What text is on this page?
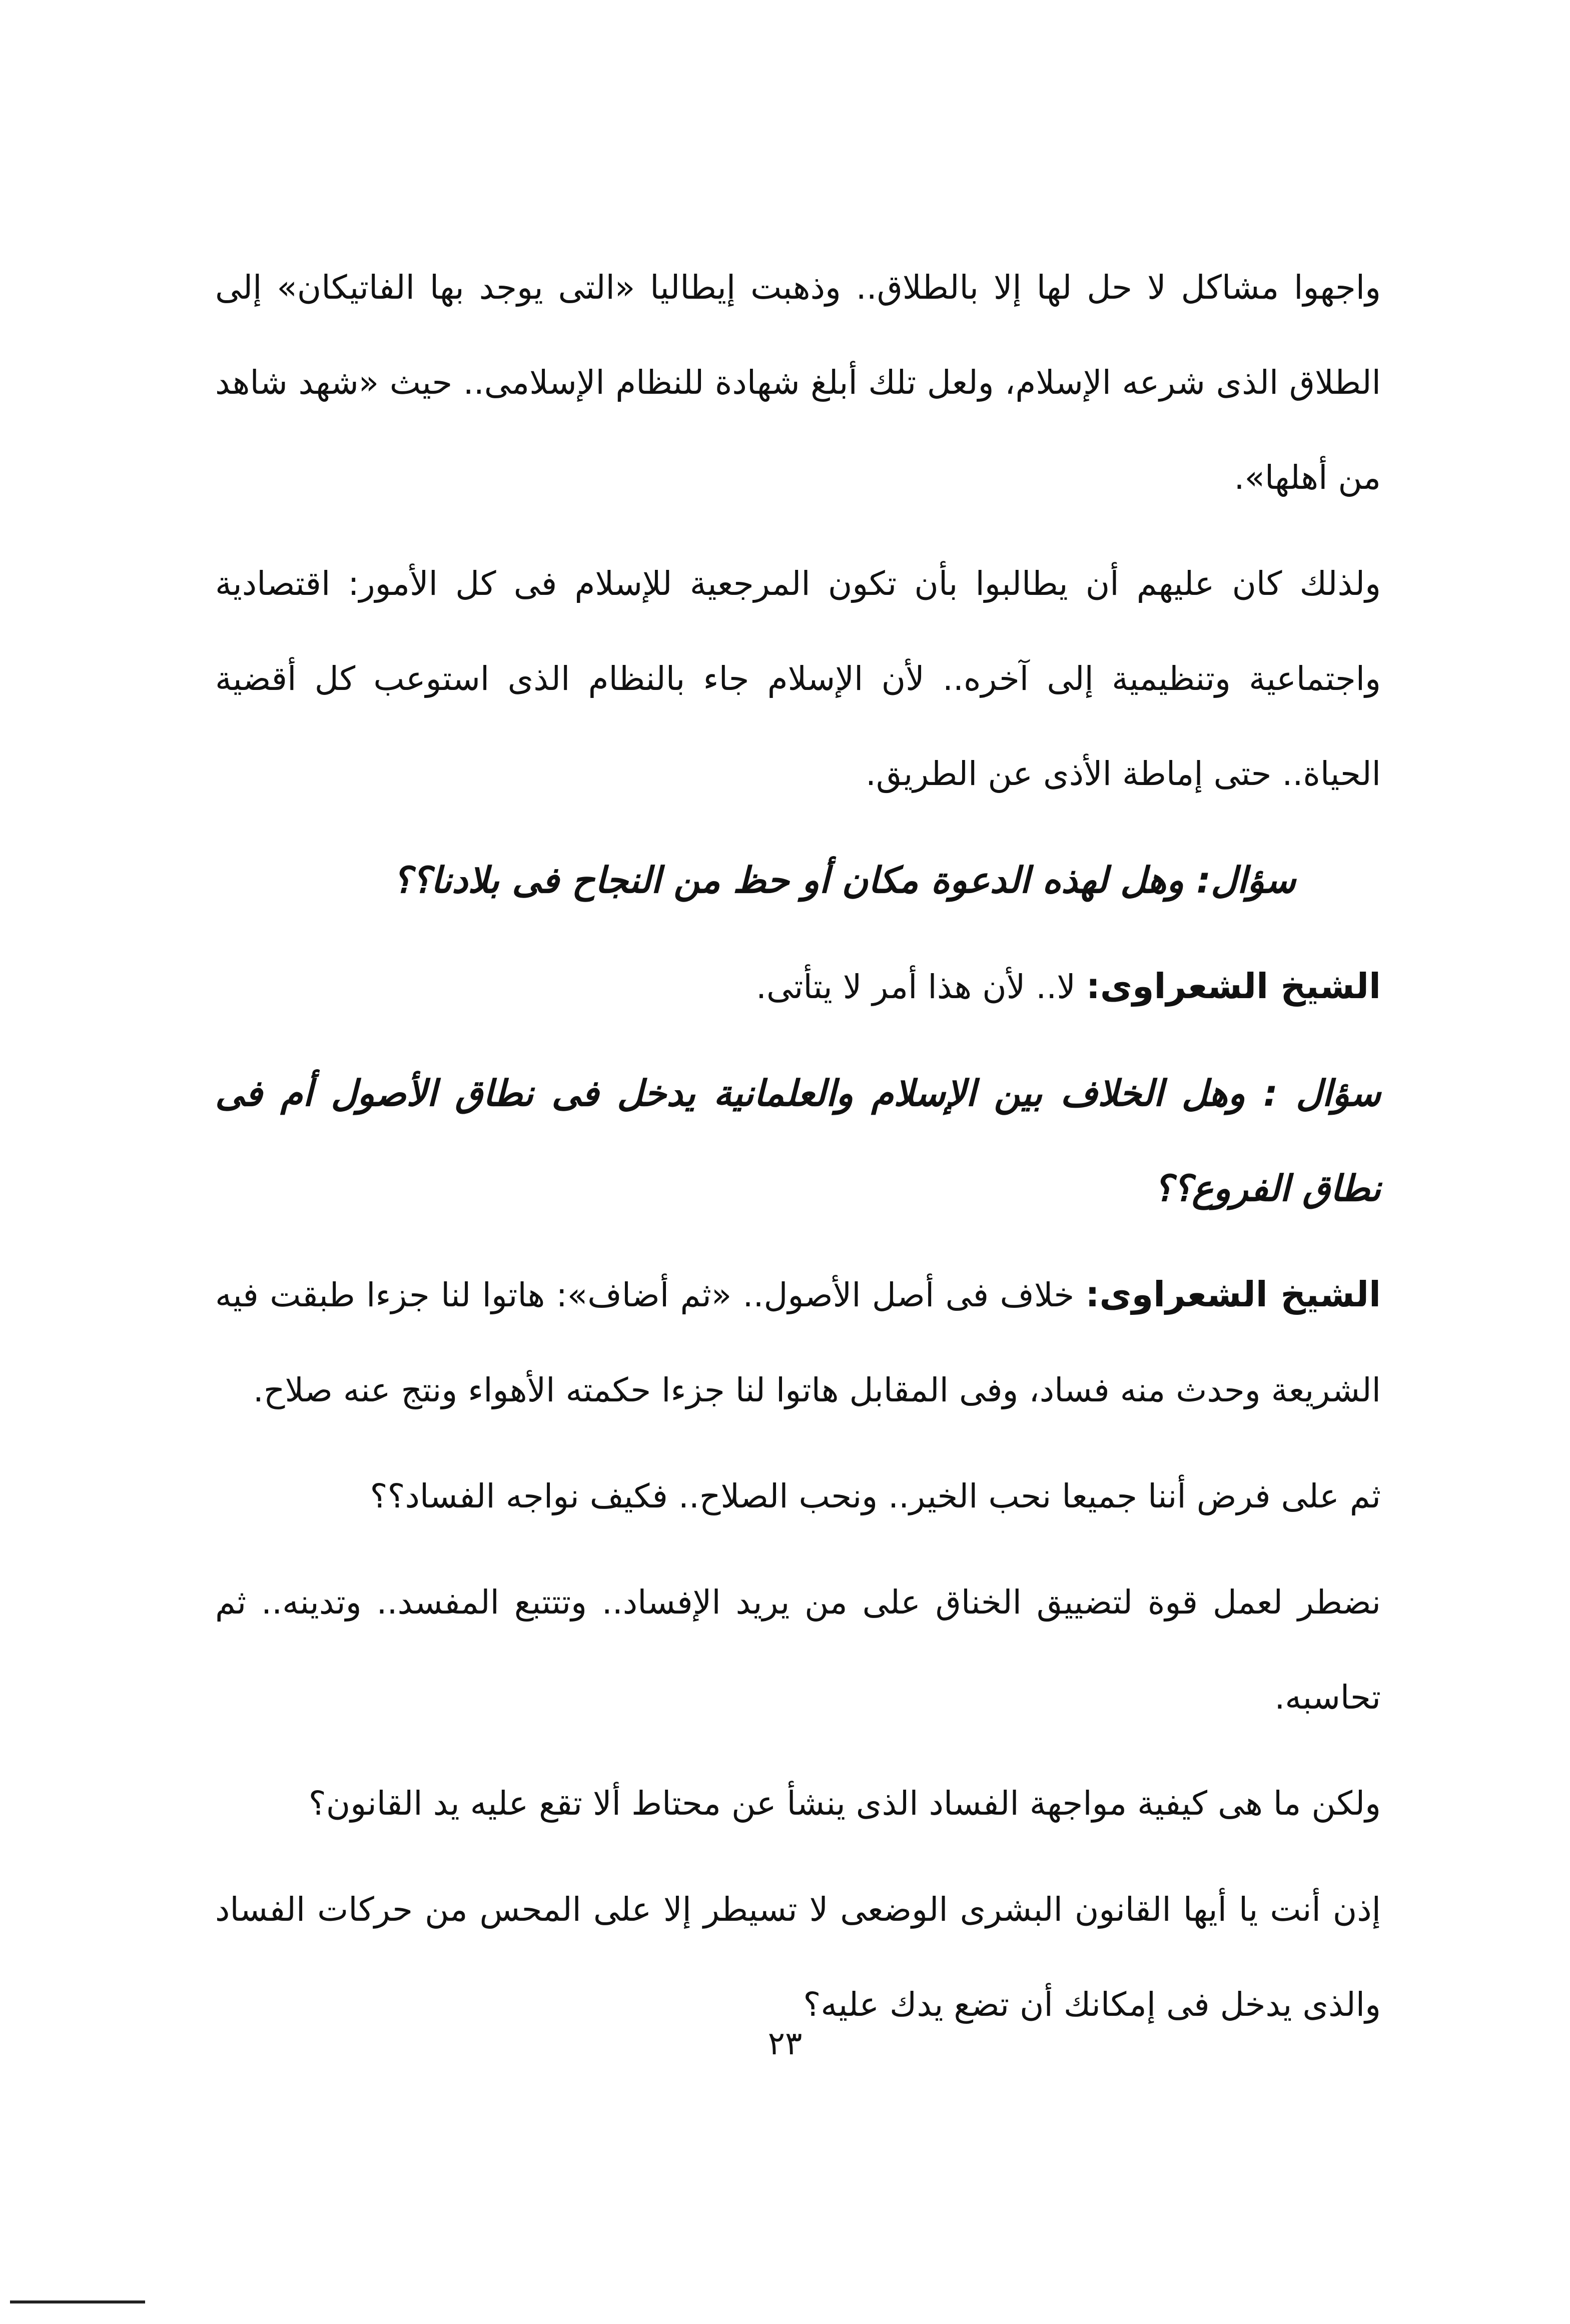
واجهوا مشاكل لا حل لها إلا بالطلاق.. وذهبت إيطاليا «التى يوجد بها الفاتيكان» إلى الطلاق الذى شرعه الإسلام، ولعل تلك أبلغ شهادة للنظام الإسلامى.. حيث «شهد شاهد من أهلها».

ولذلك كان عليهم أن يطالبوا بأن تكون المرجعية للإسلام فى كل الأمور: اقتصادية واجتماعية وتنظيمية إلى آخره.. لأن الإسلام جاء بالنظام الذى استوعب كل أقضية الحياة.. حتى إماطة الأذى عن الطريق.

سؤال: وهل لهذه الدعوة مكان أو حظ من النجاح فى بلادنا؟؟

الشيخ الشعراوى: لا.. لأن هذا أمر لا يتأتى.

سؤال : وهل الخلاف بين الإسلام والعلمانية يدخل فى نطاق الأصول أم فى نطاق الفروع؟؟

الشيخ الشعراوى: خلاف فى أصل الأصول.. «ثم أضاف»: هاتوا لنا جزءا طبقت فيه الشريعة وحدث منه فساد، وفى المقابل هاتوا لنا جزءا حكمته الأهواء ونتج عنه صلاح.

ثم على فرض أننا جميعا نحب الخير.. ونحب الصلاح.. فكيف نواجه الفساد؟؟

نضطر لعمل قوة لتضييق الخناق على من يريد الإفساد.. وتتتبع المفسد.. وتدينه.. ثم تحاسبه.

ولكن ما هى كيفية مواجهة الفساد الذى ينشأ عن محتاط ألا تقع عليه يد القانون؟

إذن أنت يا أيها القانون البشرى الوضعى لا تسيطر إلا على المحس من حركات الفساد والذى يدخل فى إمكانك أن تضع يدك عليه؟

٢٣
